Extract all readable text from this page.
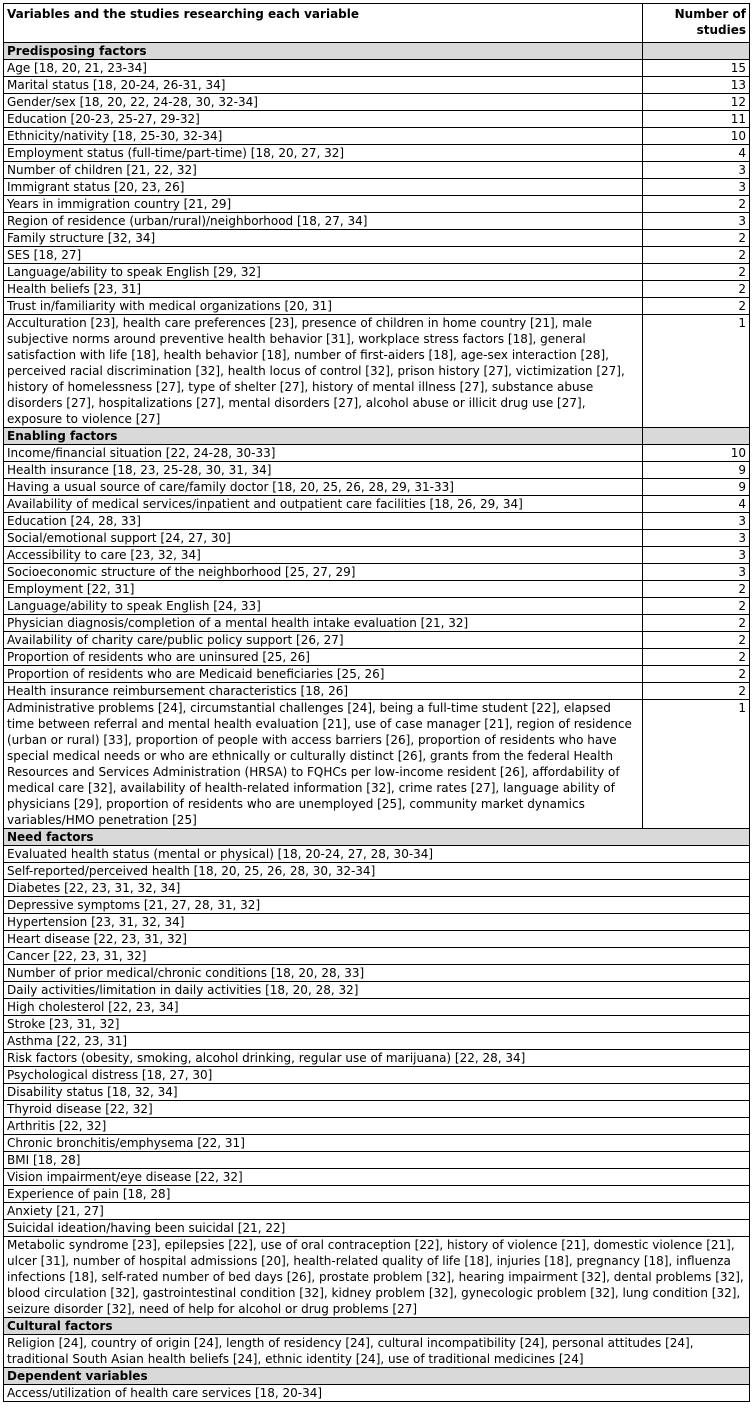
Variables and the studies researching each variable	Number of
studies
Predisposing factors	
Age [18, 20, 21, 23-34]	15
Marital status [18, 20-24, 26-31, 34]	13
Gender/sex [18, 20, 22, 24-28, 30, 32-34]	12
Education [20-23, 25-27, 29-32]	11
Ethnicity/nativity [18, 25-30, 32-34]	10
Employment status (full-time/part-time) [18, 20, 27, 32]	4
Number of children [21, 22, 32]	3
Immigrant status [20, 23, 26]	3
Years in immigration country [21, 29]	2
Region of residence (urban/rural)/neighborhood [18, 27, 34]	3
Family structure [32, 34]	2
SES [18, 27]	2
Language/ability to speak English [29, 32]	2
Health beliefs [23, 31]	2
Trust in/familiarity with medical organizations [20, 31]	2
Acculturation [23], health care preferences [23], presence of children in home country [21], male subjective norms around preventive health behavior [31], workplace stress factors [18], general satisfaction with life [18], health behavior [18], number of first-aiders [18], age-sex interaction [28], perceived racial discrimination [32], health locus of control [32], prison history [27], victimization [27], history of homelessness [27], type of shelter [27], history of mental illness [27], substance abuse disorders [27], hospitalizations [27], mental disorders [27], alcohol abuse or illicit drug use [27], exposure to violence [27]	1
Enabling factors	
Income/financial situation [22, 24-28, 30-33]	10
Health insurance [18, 23, 25-28, 30, 31, 34]	9
Having a usual source of care/family doctor [18, 20, 25, 26, 28, 29, 31-33]	9
Availability of medical services/inpatient and outpatient care facilities [18, 26, 29, 34]	4
Education [24, 28, 33]	3
Social/emotional support [24, 27, 30]	3
Accessibility to care [23, 32, 34]	3
Socioeconomic structure of the neighborhood [25, 27, 29]	3
Employment [22, 31]	2
Language/ability to speak English [24, 33]	2
Physician diagnosis/completion of a mental health intake evaluation [21, 32]	2
Availability of charity care/public policy support [26, 27]	2
Proportion of residents who are uninsured [25, 26]	2
Proportion of residents who are Medicaid beneficiaries [25, 26]	2
Health insurance reimbursement characteristics [18, 26]	2
Administrative problems [24], circumstantial challenges [24], being a full-time student [22], elapsed time between referral and mental health evaluation [21], use of case manager [21], region of residence (urban or rural) [33], proportion of people with access barriers [26], proportion of residents who have special medical needs or who are ethnically or culturally distinct [26], grants from the federal Health Resources and Services Administration (HRSA) to FQHCs per low-income resident [26], affordability of medical care [32], availability of health-related information [32], crime rates [27], language ability of physicians [29], proportion of residents who are unemployed [25], community market dynamics variables/HMO penetration [25]	1
Need factors	
Evaluated health status (mental or physical) [18, 20-24, 27, 28, 30-34]	
Self-reported/perceived health [18, 20, 25, 26, 28, 30, 32-34]	
Diabetes [22, 23, 31, 32, 34]	
Depressive symptoms [21, 27, 28, 31, 32]	
Hypertension [23, 31, 32, 34]	
Heart disease [22, 23, 31, 32]	
Cancer [22, 23, 31, 32]	
Number of prior medical/chronic conditions [18, 20, 28, 33]	
Daily activities/limitation in daily activities [18, 20, 28, 32]	
High cholesterol [22, 23, 34]	
Stroke [23, 31, 32]	
Asthma [22, 23, 31]	
Risk factors (obesity, smoking, alcohol drinking, regular use of marijuana) [22, 28, 34]	
Psychological distress [18, 27, 30]	
Disability status [18, 32, 34]	
Thyroid disease [22, 32]	
Arthritis [22, 32]	
Chronic bronchitis/emphysema [22, 31]	
BMI [18, 28]	
Vision impairment/eye disease [22, 32]	
Experience of pain [18, 28]	
Anxiety [21, 27]	
Suicidal ideation/having been suicidal [21, 22]	
Metabolic syndrome [23], epilepsies [22], use of oral contraception [22], history of violence [21], domestic violence [21], ulcer [31], number of hospital admissions [20], health-related quality of life [18], injuries [18], pregnancy [18], influenza infections [18], self-rated number of bed days [26], prostate problem [32], hearing impairment [32], dental problems [32], blood circulation [32], gastrointestinal condition [32], kidney problem [32], gynecologic problem [32], lung condition [32], seizure disorder [32], need of help for alcohol or drug problems [27]	
Cultural factors	
Religion [24], country of origin [24], length of residency [24], cultural incompatibility [24], personal attitudes [24], traditional South Asian health beliefs [24], ethnic identity [24], use of traditional medicines [24]	
Dependent variables	
Access/utilization of health care services [18, 20-34]	
